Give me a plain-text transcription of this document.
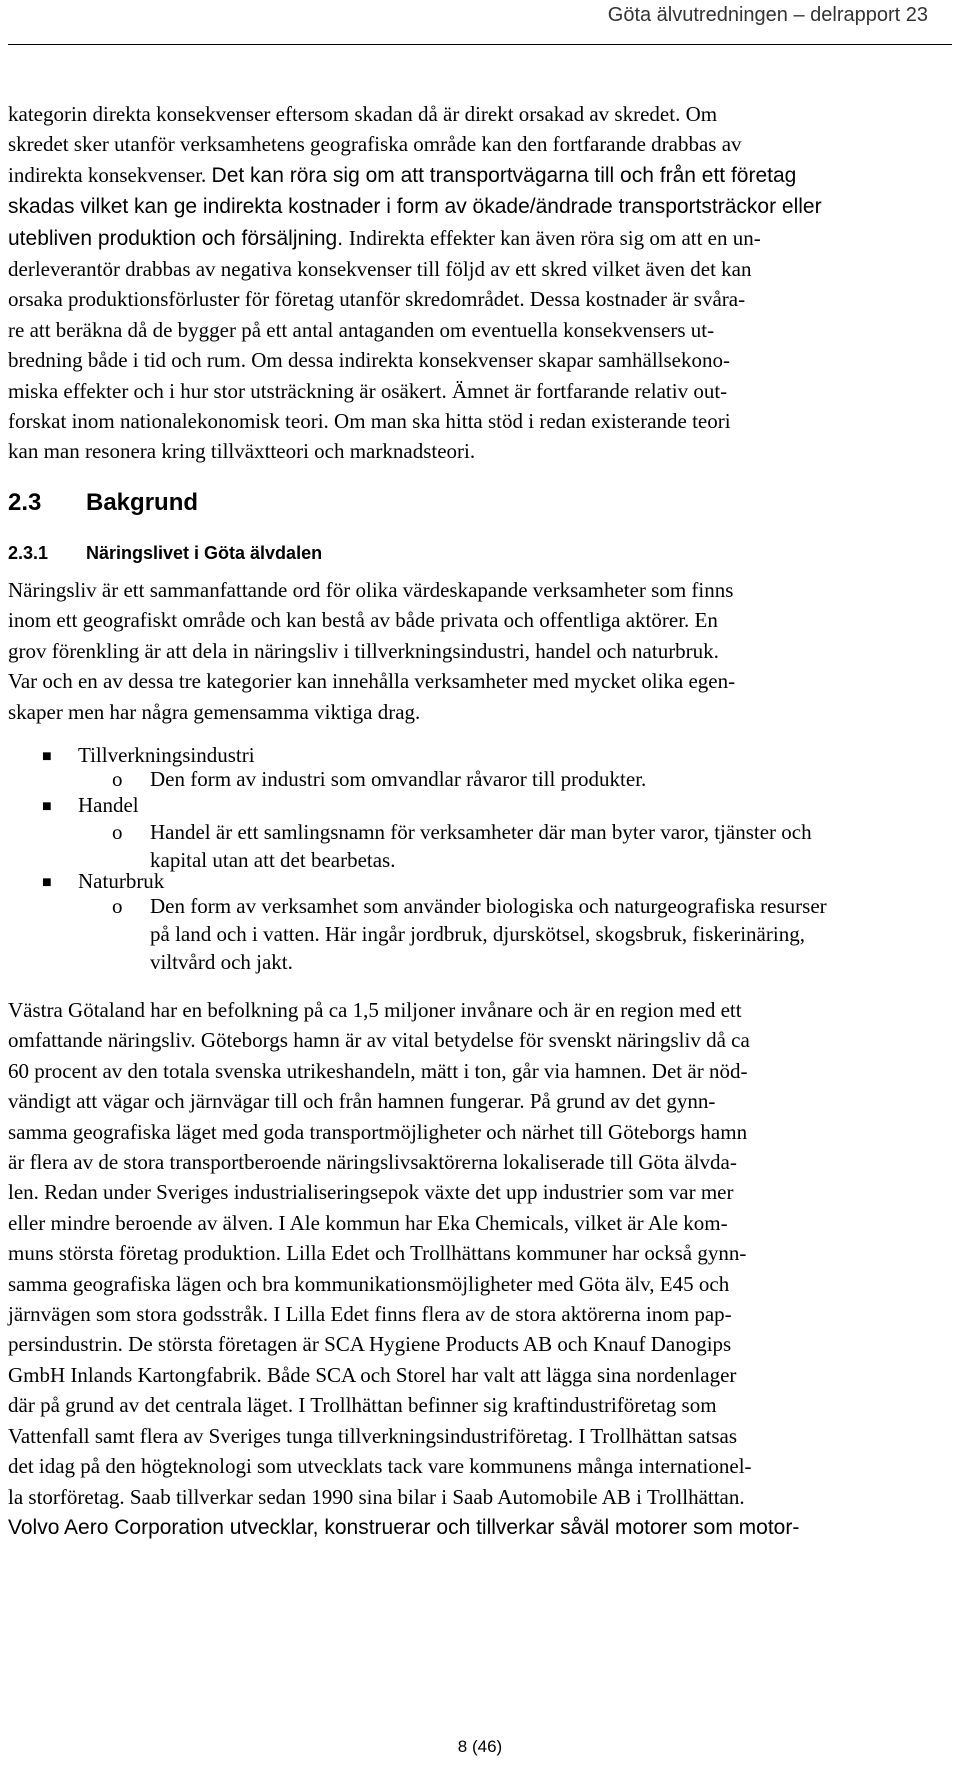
Göta älvutredningen – delrapport 23

kategorin direkta konsekvenser eftersom skadan då är direkt orsakad av skredet. Om
skredet sker utanför verksamhetens geografiska område kan den fortfarande drabbas av
indirekta konsekvenser. Det kan röra sig om att transportvägarna till och från ett företag
skadas vilket kan ge indirekta kostnader i form av ökade/ändrade transportsträckor eller
utebliven produktion och försäljning. Indirekta effekter kan även röra sig om att en un-
derleverantör drabbas av negativa konsekvenser till följd av ett skred vilket även det kan
orsaka produktionsförluster för företag utanför skredområdet. Dessa kostnader är svåra-
re att beräkna då de bygger på ett antal antaganden om eventuella konsekvensers ut-
bredning både i tid och rum. Om dessa indirekta konsekvenser skapar samhällsekono-
miska effekter och i hur stor utsträckning är osäkert. Ämnet är fortfarande relativ out-
forskat inom nationalekonomisk teori. Om man ska hitta stöd i redan existerande teori
kan man resonera kring tillväxtteori och marknadsteori.

2.3 Bakgrund
2.3.1 Näringslivet i Göta älvdalen

Näringsliv är ett sammanfattande ord för olika värdeskapande verksamheter som finns
inom ett geografiskt område och kan bestå av både privata och offentliga aktörer. En
grov förenkling är att dela in näringsliv i tillverkningsindustri, handel och naturbruk.
Var och en av dessa tre kategorier kan innehålla verksamheter med mycket olika egen-
skaper men har några gemensamma viktiga drag.

■ Tillverkningsindustri
o Den form av industri som omvandlar råvaror till produkter.
■ Handel
o Handel är ett samlingsnamn för verksamheter där man byter varor, tjänster och
kapital utan att det bearbetas.
■ Naturbruk
o Den form av verksamhet som använder biologiska och naturgeografiska resurser
på land och i vatten. Här ingår jordbruk, djurskötsel, skogsbruk, fiskerinäring,
viltvård och jakt.

Västra Götaland har en befolkning på ca 1,5 miljoner invånare och är en region med ett
omfattande näringsliv. Göteborgs hamn är av vital betydelse för svenskt näringsliv då ca
60 procent av den totala svenska utrikeshandeln, mätt i ton, går via hamnen. Det är nöd-
vändigt att vägar och järnvägar till och från hamnen fungerar. På grund av det gynn-
samma geografiska läget med goda transportmöjligheter och närhet till Göteborgs hamn
är flera av de stora transportberoende näringslivsaktörerna lokaliserade till Göta älvda-
len. Redan under Sveriges industrialiseringsepok växte det upp industrier som var mer
eller mindre beroende av älven. I Ale kommun har Eka Chemicals, vilket är Ale kom-
muns största företag produktion. Lilla Edet och Trollhättans kommuner har också gynn-
samma geografiska lägen och bra kommunikationsmöjligheter med Göta älv, E45 och
järnvägen som stora godsstråk. I Lilla Edet finns flera av de stora aktörerna inom pap-
persindustrin. De största företagen är SCA Hygiene Products AB och Knauf Danogips
GmbH Inlands Kartongfabrik. Både SCA och Storel har valt att lägga sina nordenlager
där på grund av det centrala läget. I Trollhättan befinner sig kraftindustriföretag som
Vattenfall samt flera av Sveriges tunga tillverkningsindustriföretag. I Trollhättan satsas
det idag på den högteknologi som utvecklats tack vare kommunens många internationel-
la storföretag. Saab tillverkar sedan 1990 sina bilar i Saab Automobile AB i Trollhättan.
Volvo Aero Corporation utvecklar, konstruerar och tillverkar såväl motorer som motor-

8 (46)
